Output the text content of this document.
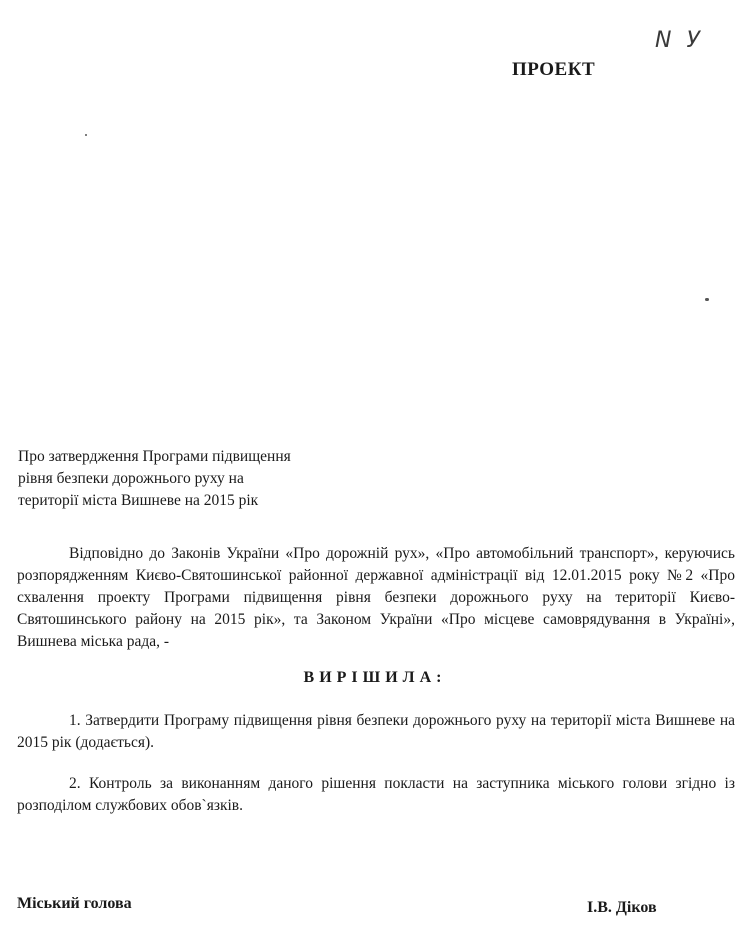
N У
ПРОЕКТ
Про затвердження Програми підвищення
рівня безпеки дорожнього руху на
території міста Вишневе на 2015 рік
Відповідно до Законів України «Про дорожній рух», «Про автомобільний транспорт», керуючись розпорядженням Києво-Святошинської районної державної адміністрації від 12.01.2015 року №2 «Про схвалення проекту Програми підвищення рівня безпеки дорожнього руху на території Києво-Святошинського району на 2015 рік», та Законом України «Про місцеве самоврядування в Україні», Вишнева міська рада, -
ВИРІШИЛА:
1. Затвердити Програму підвищення рівня безпеки дорожнього руху на території міста Вишневе на 2015 рік (додається).
2. Контроль за виконанням даного рішення покласти на заступника міського голови згідно із розподілом службових обов`язків.
Міський голова	І.В. Діков
